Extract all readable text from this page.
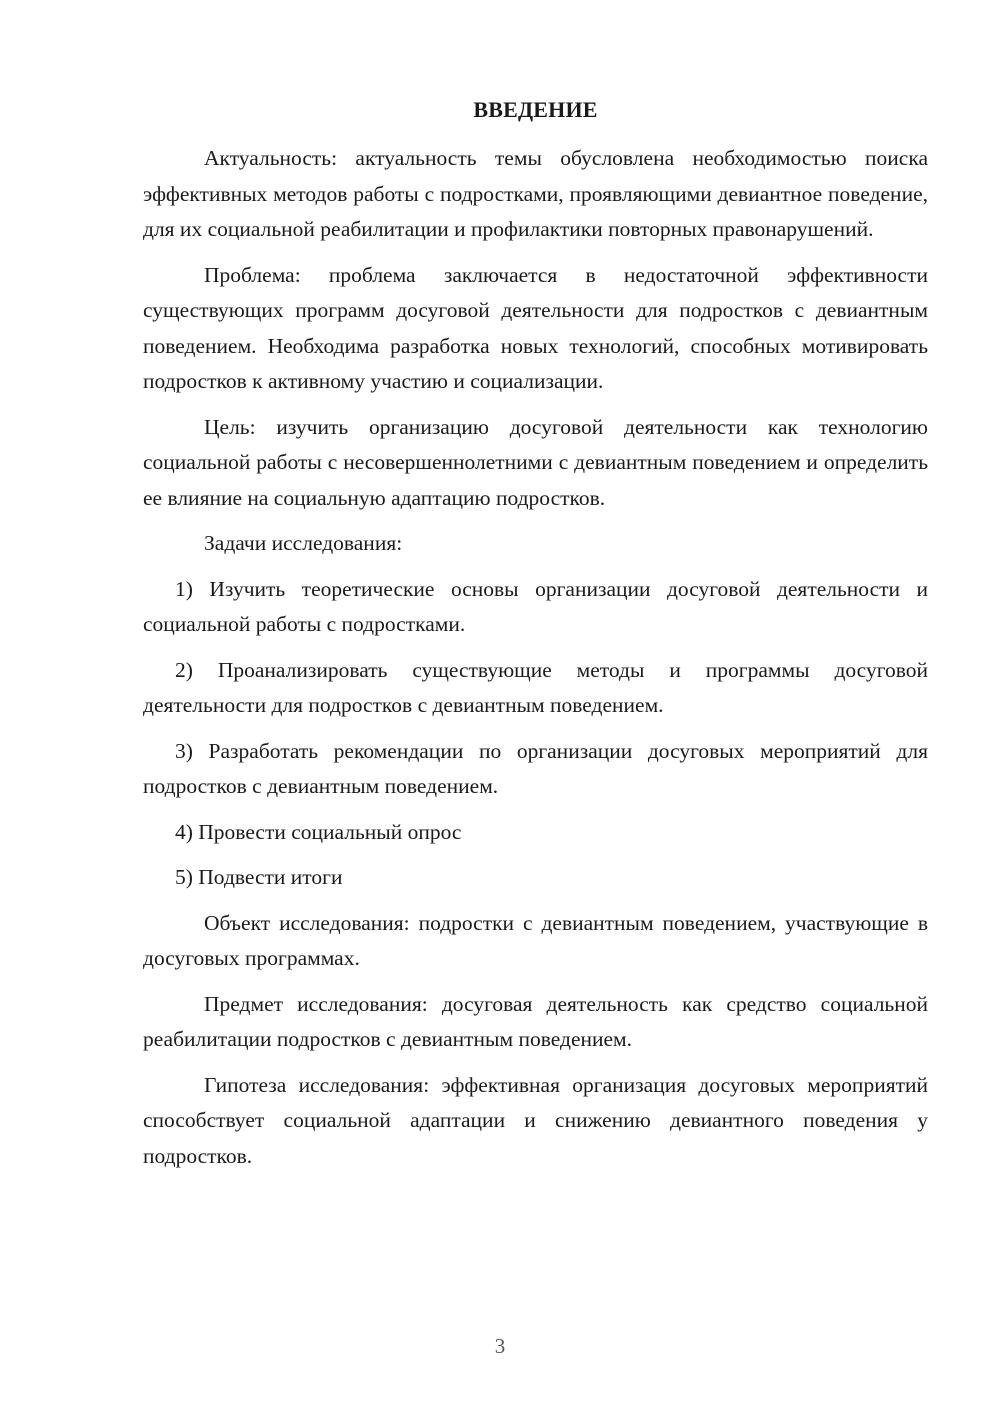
ВВЕДЕНИЕ

Актуальность: актуальность темы обусловлена необходимостью поиска эффективных методов работы с подростками, проявляющими девиантное поведение, для их социальной реабилитации и профилактики повторных правонарушений.

Проблема: проблема заключается в недостаточной эффективности существующих программ досуговой деятельности для подростков с девиантным поведением. Необходима разработка новых технологий, способных мотивировать подростков к активному участию и социализации.

Цель: изучить организацию досуговой деятельности как технологию социальной работы с несовершеннолетними с девиантным поведением и определить ее влияние на социальную адаптацию подростков.

Задачи исследования:

1) Изучить теоретические основы организации досуговой деятельности и социальной работы с подростками.

2) Проанализировать существующие методы и программы досуговой деятельности для подростков с девиантным поведением.

3) Разработать рекомендации по организации досуговых мероприятий для подростков с девиантным поведением.

4) Провести социальный опрос

5) Подвести итоги

Объект исследования: подростки с девиантным поведением, участвующие в досуговых программах.

Предмет исследования: досуговая деятельность как средство социальной реабилитации подростков с девиантным поведением.

Гипотеза исследования: эффективная организация досуговых мероприятий способствует социальной адаптации и снижению девиантного поведения у подростков.

3
